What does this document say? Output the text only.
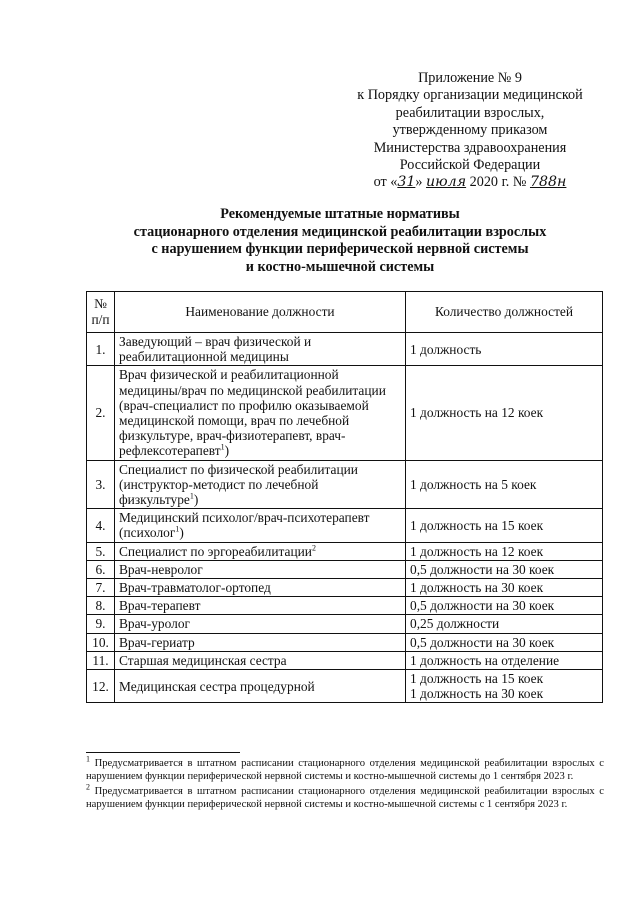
Приложение № 9
к Порядку организации медицинской
реабилитации взрослых,
утвержденному приказом
Министерства здравоохранения
Российской Федерации
от «31» июля 2020 г. № 788н
Рекомендуемые штатные нормативы
стационарного отделения медицинской реабилитации взрослых
с нарушением функции периферической нервной системы
и костно-мышечной системы
№ п/п	Наименование должности	Количество должностей
1.	Заведующий – врач физической и реабилитационной медицины	1 должность
2.	Врач физической и реабилитационной медицины/врач по медицинской реабилитации (врач-специалист по профилю оказываемой медицинской помощи, врач по лечебной физкультуре, врач-физиотерапевт, врач-рефлексотерапевт$^1$)	1 должность на 12 коек
3.	Специалист по физической реабилитации (инструктор-методист по лечебной физкультуре$^1$)	1 должность на 5 коек
4.	Медицинский психолог/врач-психотерапевт (психолог$^1$)	1 должность на 15 коек
5.	Специалист по эргореабилитации$^2$	1 должность на 12 коек
6.	Врач-невролог	0,5 должности на 30 коек
7.	Врач-травматолог-ортопед	1 должность на 30 коек
8.	Врач-терапевт	0,5 должности на 30 коек
9.	Врач-уролог	0,25 должности
10.	Врач-гериатр	0,5 должности на 30 коек
11.	Старшая медицинская сестра	1 должность на отделение
12.	Медицинская сестра процедурной	1 должность на 15 коек
1 должность на 30 коек

$^1$ Предусматривается в штатном расписании стационарного отделения медицинской реабилитации взрослых с нарушением функции периферической нервной системы и костно-мышечной системы до 1 сентября 2023 г.

$^2$ Предусматривается в штатном расписании стационарного отделения медицинской реабилитации взрослых с нарушением функции периферической нервной системы и костно-мышечной системы с 1 сентября 2023 г.
